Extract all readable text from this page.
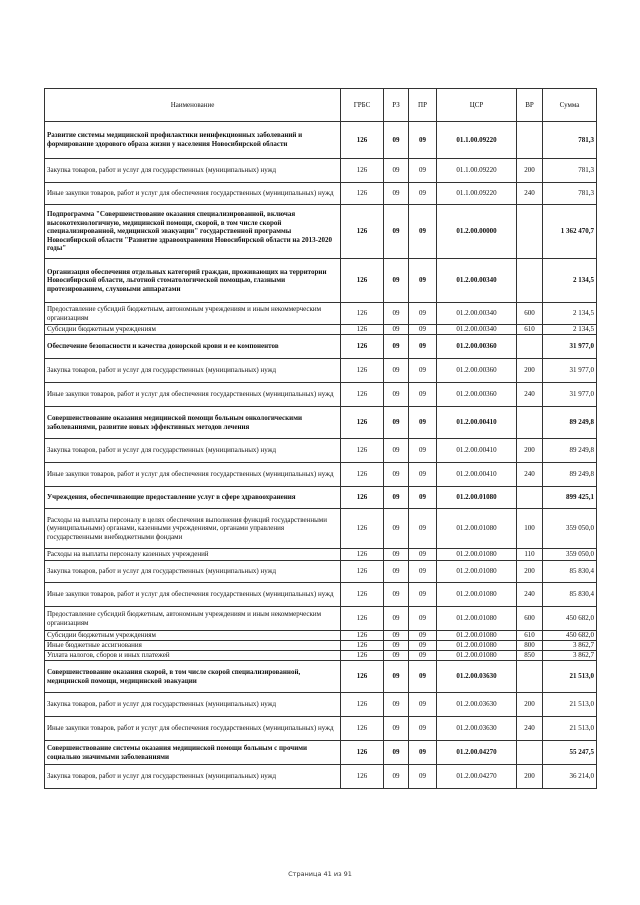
Наименование	ГРБС	РЗ	ПР	ЦСР	ВР	Сумма
Развитие системы медицинской профилактики неинфекционных заболеваний и формирование здорового образа жизни у населения Новосибирской области	126	09	09	01.1.00.09220		781,3
Закупка товаров, работ и услуг для государственных (муниципальных) нужд	126	09	09	01.1.00.09220	200	781,3
Иные закупки товаров, работ и услуг для обеспечения государственных (муниципальных) нужд	126	09	09	01.1.00.09220	240	781,3
Подпрограмма "Совершенствование оказания специализированной, включая высокотехнологичную, медицинской помощи, скорой, в том числе скорой специализированной, медицинской эвакуации" государственной программы Новосибирской области "Развитие здравоохранения Новосибирской области на 2013-2020 годы"	126	09	09	01.2.00.00000		1 362 470,7
Организация обеспечения отдельных категорий граждан, проживающих на территории Новосибирской области, льготной стоматологической помощью, глазными протезированием, слуховыми аппаратами	126	09	09	01.2.00.00340		2 134,5
Предоставление субсидий бюджетным, автономным учреждениям и иным некоммерческим организациям	126	09	09	01.2.00.00340	600	2 134,5
Субсидии бюджетным учреждениям	126	09	09	01.2.00.00340	610	2 134,5
Обеспечение безопасности и качества донорской крови и ее компонентов	126	09	09	01.2.00.00360		31 977,0
Закупка товаров, работ и услуг для государственных (муниципальных) нужд	126	09	09	01.2.00.00360	200	31 977,0
Иные закупки товаров, работ и услуг для обеспечения государственных (муниципальных) нужд	126	09	09	01.2.00.00360	240	31 977,0
Совершенствование оказания медицинской помощи больным онкологическими заболеваниями, развитие новых эффективных методов лечения	126	09	09	01.2.00.00410		89 249,8
Закупка товаров, работ и услуг для государственных (муниципальных) нужд	126	09	09	01.2.00.00410	200	89 249,8
Иные закупки товаров, работ и услуг для обеспечения государственных (муниципальных) нужд	126	09	09	01.2.00.00410	240	89 249,8
Учреждения, обеспечивающие предоставление услуг в сфере здравоохранения	126	09	09	01.2.00.01080		899 425,1
Расходы на выплаты персоналу в целях обеспечения выполнения функций государственными (муниципальными) органами, казенными учреждениями, органами управления государственными внебюджетными фондами	126	09	09	01.2.00.01080	100	359 050,0
Расходы на выплаты персоналу казенных учреждений	126	09	09	01.2.00.01080	110	359 050,0
Закупка товаров, работ и услуг для государственных (муниципальных) нужд	126	09	09	01.2.00.01080	200	85 830,4
Иные закупки товаров, работ и услуг для обеспечения государственных (муниципальных) нужд	126	09	09	01.2.00.01080	240	85 830,4
Предоставление субсидий бюджетным, автономным учреждениям и иным некоммерческим организациям	126	09	09	01.2.00.01080	600	450 682,0
Субсидии бюджетным учреждениям	126	09	09	01.2.00.01080	610	450 682,0
Иные бюджетные ассигнования	126	09	09	01.2.00.01080	800	3 862,7
Уплата налогов, сборов и иных платежей	126	09	09	01.2.00.01080	850	3 862,7
Совершенствование оказания скорой, в том числе скорой специализированной, медицинской помощи, медицинской эвакуации	126	09	09	01.2.00.03630		21 513,0
Закупка товаров, работ и услуг для государственных (муниципальных) нужд	126	09	09	01.2.00.03630	200	21 513,0
Иные закупки товаров, работ и услуг для обеспечения государственных (муниципальных) нужд	126	09	09	01.2.00.03630	240	21 513,0
Совершенствование системы оказания медицинской помощи больным с прочими социально значимыми заболеваниями	126	09	09	01.2.00.04270		55 247,5
Закупка товаров, работ и услуг для государственных (муниципальных) нужд	126	09	09	01.2.00.04270	200	36 214,0
Страница 41 из 91
